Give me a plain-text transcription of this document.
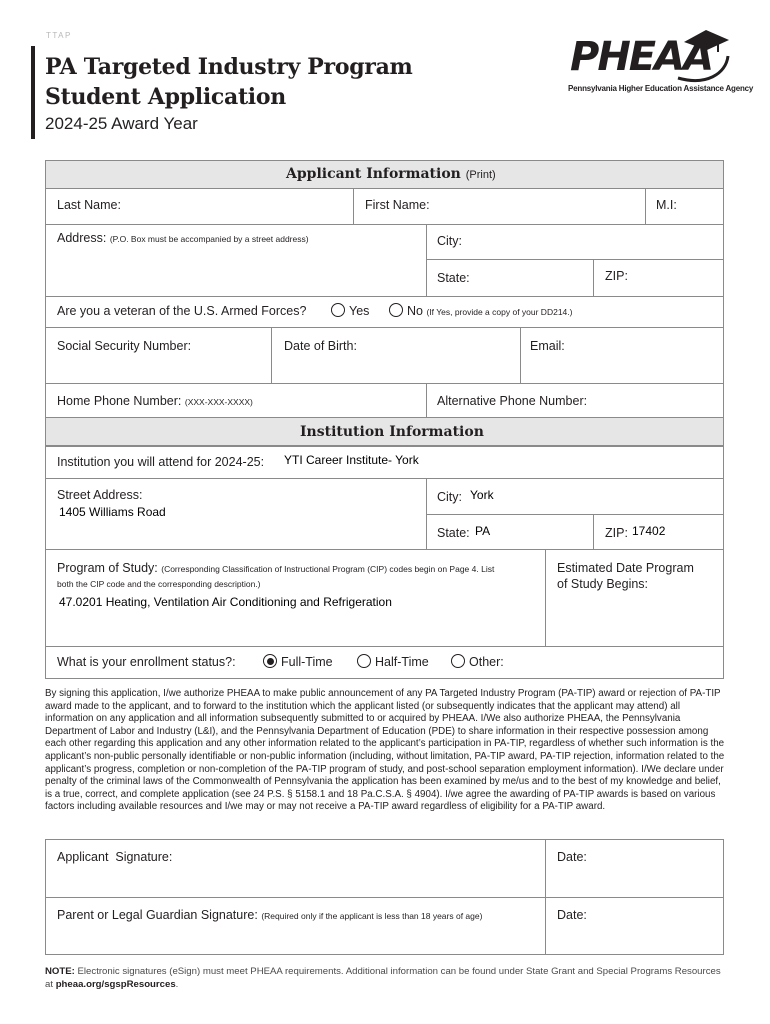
TTAP
PA Targeted Industry Program
Student Application
2024-25 Award Year
PHEAA
Pennsylvania Higher Education Assistance Agency
Applicant Information (Print)
Last Name:	First Name:	M.I:
Address: (P.O. Box must be accompanied by a street address)	City:
State:	ZIP:
Are you a veteran of the U.S. Armed Forces?	Yes	No (If Yes, provide a copy of your DD214.)
Social Security Number:	Date of Birth:	Email:
Home Phone Number: (XXX-XXX-XXXX)	Alternative Phone Number:
Institution Information
Institution you will attend for 2024-25: YTI Career Institute- York
Street Address:
1405 Williams Road
City: York
State: PA	ZIP: 17402
Program of Study: (Corresponding Classification of Instructional Program (CIP) codes begin on Page 4. List
both the CIP code and the corresponding description.)
47.0201 Heating, Ventilation Air Conditioning and Refrigeration
Estimated Date Program
of Study Begins:
What is your enrollment status?:	Full-Time	Half-Time	Other:
By signing this application, I/we authorize PHEAA to make public announcement of any PA Targeted Industry Program (PA-TIP) award or rejection of PA-TIP award made to the applicant, and to forward to the institution which the applicant listed (or subsequently indicates that the applicant may attend) all information on any application and all information subsequently submitted to or acquired by PHEAA. I/We also authorize PHEAA, the Pennsylvania Department of Labor and Industry (L&I), and the Pennsylvania Department of Education (PDE) to share information in their respective possession among each other regarding this application and any other information related to the applicant’s participation in PA-TIP, regardless of whether such information is the applicant’s non-public personally identifiable or non-public information (including, without limitation, PA-TIP award, PA-TIP rejection, information related to the applicant’s progress, completion or non-completion of the PA-TIP program of study, and post-school separation employment information). I/We declare under penalty of the criminal laws of the Commonwealth of Pennsylvania the application has been examined by me/us and to the best of my knowledge and belief, is a true, correct, and complete application (see 24 P.S. § 5158.1 and 18 Pa.C.S.A. § 4904). I/we agree the awarding of PA-TIP awards is based on various factors including available resources and I/we may or may not receive a PA-TIP award regardless of eligibility for a PA-TIP award.
Applicant  Signature:	Date:
Parent or Legal Guardian Signature: (Required only if the applicant is less than 18 years of age)	Date:
NOTE: Electronic signatures (eSign) must meet PHEAA requirements. Additional information can be found under State Grant and Special Programs Resources at pheaa.org/sgspResources.
